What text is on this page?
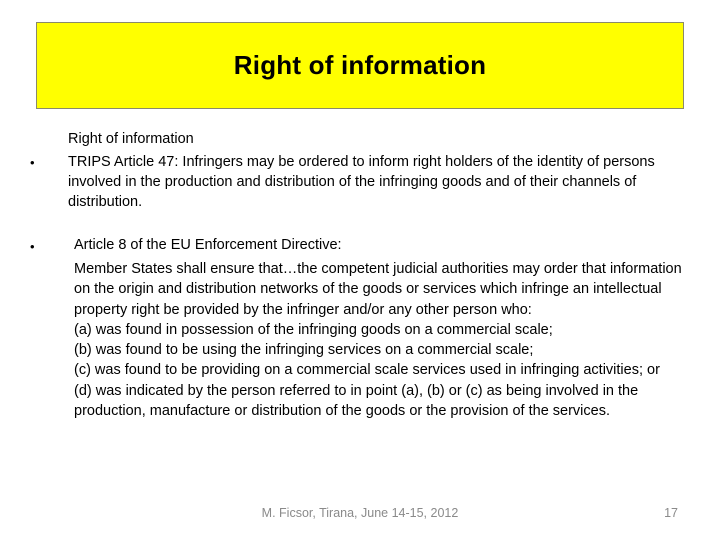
Right of information
•

Right of information

TRIPS Article 47: Infringers may be ordered to inform right holders of the identity of persons involved in the production and distribution of the infringing goods and of their channels of distribution.

•	Article 8 of the EU Enforcement Directive:

Member States shall ensure that…the competent judicial authorities may order that information on the origin and distribution networks of the goods or services which infringe an intellectual property right be provided by the infringer and/or any other person who:

(a) was found in possession of the infringing goods on a commercial scale;

(b) was found to be using the infringing services on a commercial scale;

(c) was found to be providing on a commercial scale services used in infringing activities; or

(d) was indicated by the person referred to in point (a), (b) or (c) as being involved in the production, manufacture or distribution of the goods or the provision of the services.

M. Ficsor, Tirana, June 14-15, 2012	17
